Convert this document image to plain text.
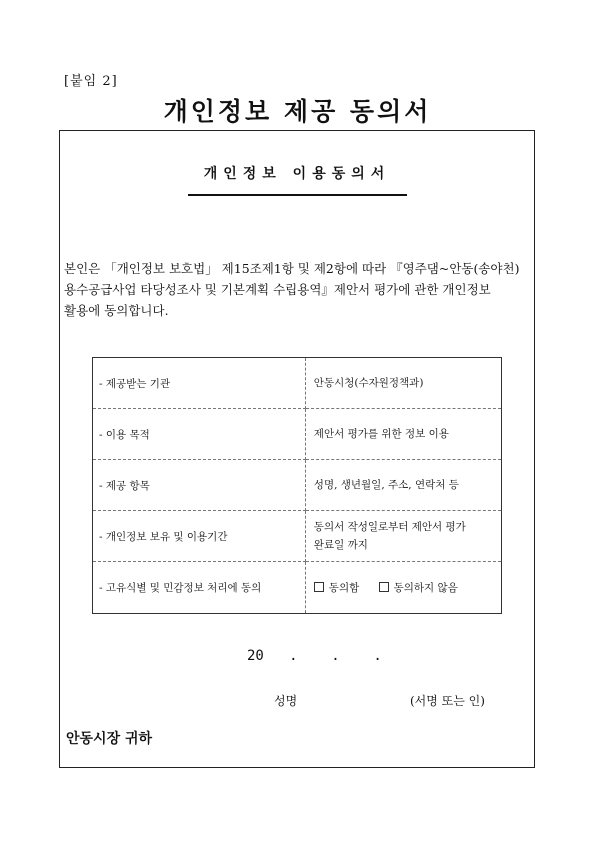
[붙임 2]
개인정보 제공 동의서
개인정보 이용동의서
본인은 「개인정보 보호법」 제15조제1항 및 제2항에 따라 『영주댐~안동(송야천)
용수공급사업 타당성조사 및 기본계획 수립용역』제안서 평가에 관한 개인정보
활용에 동의합니다.
- 제공받는 기관	안동시청(수자원정책과)
- 이용 목적	제안서 평가를 위한 정보 이용
- 제공 항목	성명, 생년월일, 주소, 연락처 등
- 개인정보 보유 및 이용기간	동의서 작성일로부터 제안서 평가
완료일 까지

- 고유식별 및 민감정보 처리에 동의	동의함 동의하지 않음
20   .    .    .
성명	(서명 또는 인)
안동시장 귀하
